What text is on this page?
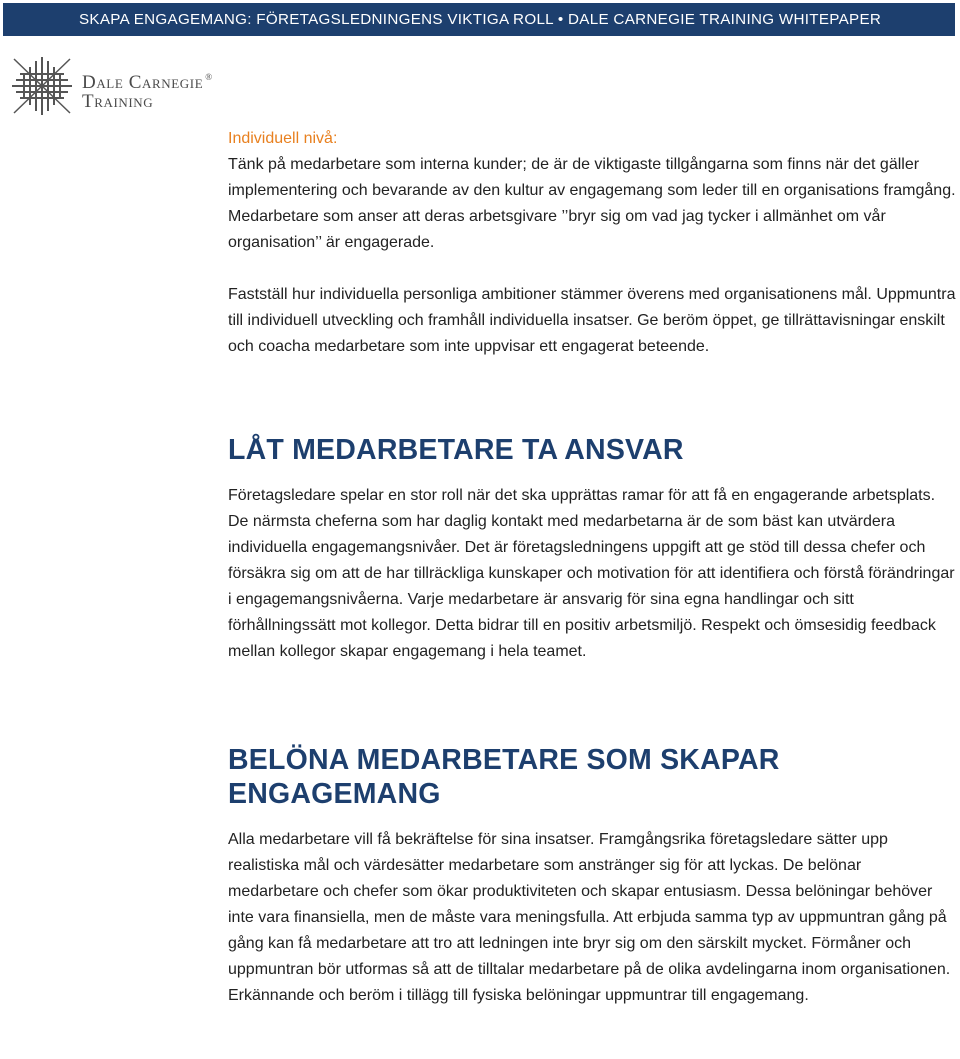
SKAPA ENGAGEMANG: FÖRETAGSLEDNINGENS VIKTIGA ROLL • DALE CARNEGIE TRAINING WHITEPAPER
Dale Carnegie ®
Training
Individuell nivå:

Tänk på medarbetare som interna kunder; de är de viktigaste tillgångarna som finns när det gäller implementering och bevarande av den kultur av engagemang som leder till en organisations framgång. Medarbetare som anser att deras arbetsgivare ’’bryr sig om vad jag tycker i allmänhet om vår organisation’’ är engagerade.

Fastställ hur individuella personliga ambitioner stämmer överens med organisationens mål. Uppmuntra till individuell utveckling och framhåll individuella insatser. Ge beröm öppet, ge tillrättavisningar enskilt och coacha medarbetare som inte uppvisar ett engagerat beteende.

LÅT MEDARBETARE TA ANSVAR

Företagsledare spelar en stor roll när det ska upprättas ramar för att få en engagerande arbetsplats. De närmsta cheferna som har daglig kontakt med medarbetarna är de som bäst kan utvärdera individuella engagemangsnivåer. Det är företagsledningens uppgift att ge stöd till dessa chefer och försäkra sig om att de har tillräckliga kunskaper och motivation för att identifiera och förstå förändringar i engagemangsnivåerna. Varje medarbetare är ansvarig för sina egna handlingar och sitt förhållningssätt mot kollegor. Detta bidrar till en positiv arbetsmiljö. Respekt och ömsesidig feedback mellan kollegor skapar engagemang i hela teamet.

BELÖNA MEDARBETARE SOM SKAPAR ENGAGEMANG

Alla medarbetare vill få bekräftelse för sina insatser. Framgångsrika företagsledare sätter upp realistiska mål och värdesätter medarbetare som anstränger sig för att lyckas. De belönar medarbetare och chefer som ökar produktiviteten och skapar entusiasm. Dessa belöningar behöver inte vara finansiella, men de måste vara meningsfulla. Att erbjuda samma typ av uppmuntran gång på gång kan få medarbetare att tro att ledningen inte bryr sig om den särskilt mycket. Förmåner och uppmuntran bör utformas så att de tilltalar medarbetare på de olika avdelingarna inom organisationen. Erkännande och beröm i tillägg till fysiska belöningar uppmuntrar till engagemang.
